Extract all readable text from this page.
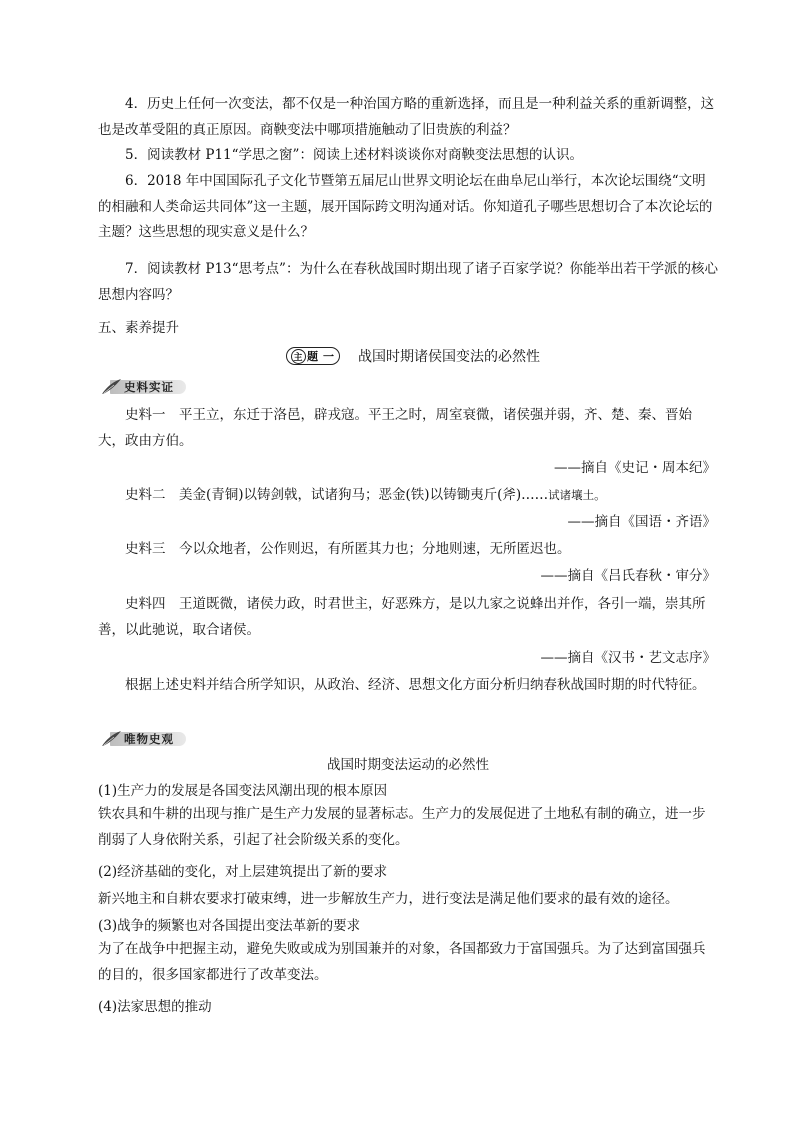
4．历史上任何一次变法，都不仅是一种治国方略的重新选择，而且是一种利益关系的重新调整，这也是改革受阻的真正原因。商鞅变法中哪项措施触动了旧贵族的利益？

5．阅读教材 P11“学思之窗”：阅读上述材料谈谈你对商鞅变法思想的认识。

6．2018 年中国国际孔子文化节暨第五届尼山世界文明论坛在曲阜尼山举行，本次论坛围绕“文明的相融和人类命运共同体”这一主题，展开国际跨文明沟通对话。你知道孔子哪些思想切合了本次论坛的主题？这些思想的现实意义是什么？

7．阅读教材 P13“思考点”：为什么在春秋战国时期出现了诸子百家学说？你能举出若干学派的核心思想内容吗？

五、素养提升
主 题 一 战国时期诸侯国变法的必然性
史料实证

史料一　平王立，东迁于洛邑，辟戎寇。平王之时，周室衰微，诸侯强并弱，齐、楚、秦、晋始大，政由方伯。

——摘自《史记・周本纪》
史料二　美金(青铜)以铸剑戟，试诸狗马；恶金(铁)以铸锄夷斤(斧)……试诸壤土。
——摘自《国语・齐语》
史料三　今以众地者，公作则迟，有所匿其力也；分地则速，无所匿迟也。
——摘自《吕氏春秋・审分》

史料四　王道既微，诸侯力政，时君世主，好恶殊方，是以九家之说蜂出并作，各引一端，崇其所善，以此驰说，取合诸侯。

——摘自《汉书・艺文志序》
根据上述史料并结合所学知识，从政治、经济、思想文化方面分析归纳春秋战国时期的时代特征。
唯物史观
战国时期变法运动的必然性
(1)生产力的发展是各国变法风潮出现的根本原因

铁农具和牛耕的出现与推广是生产力发展的显著标志。生产力的发展促进了土地私有制的确立，进一步削弱了人身依附关系，引起了社会阶级关系的变化。

(2)经济基础的变化，对上层建筑提出了新的要求
新兴地主和自耕农要求打破束缚，进一步解放生产力，进行变法是满足他们要求的最有效的途径。
(3)战争的频繁也对各国提出变法革新的要求

为了在战争中把握主动，避免失败或成为别国兼并的对象，各国都致力于富国强兵。为了达到富国强兵的目的，很多国家都进行了改革变法。

(4)法家思想的推动
